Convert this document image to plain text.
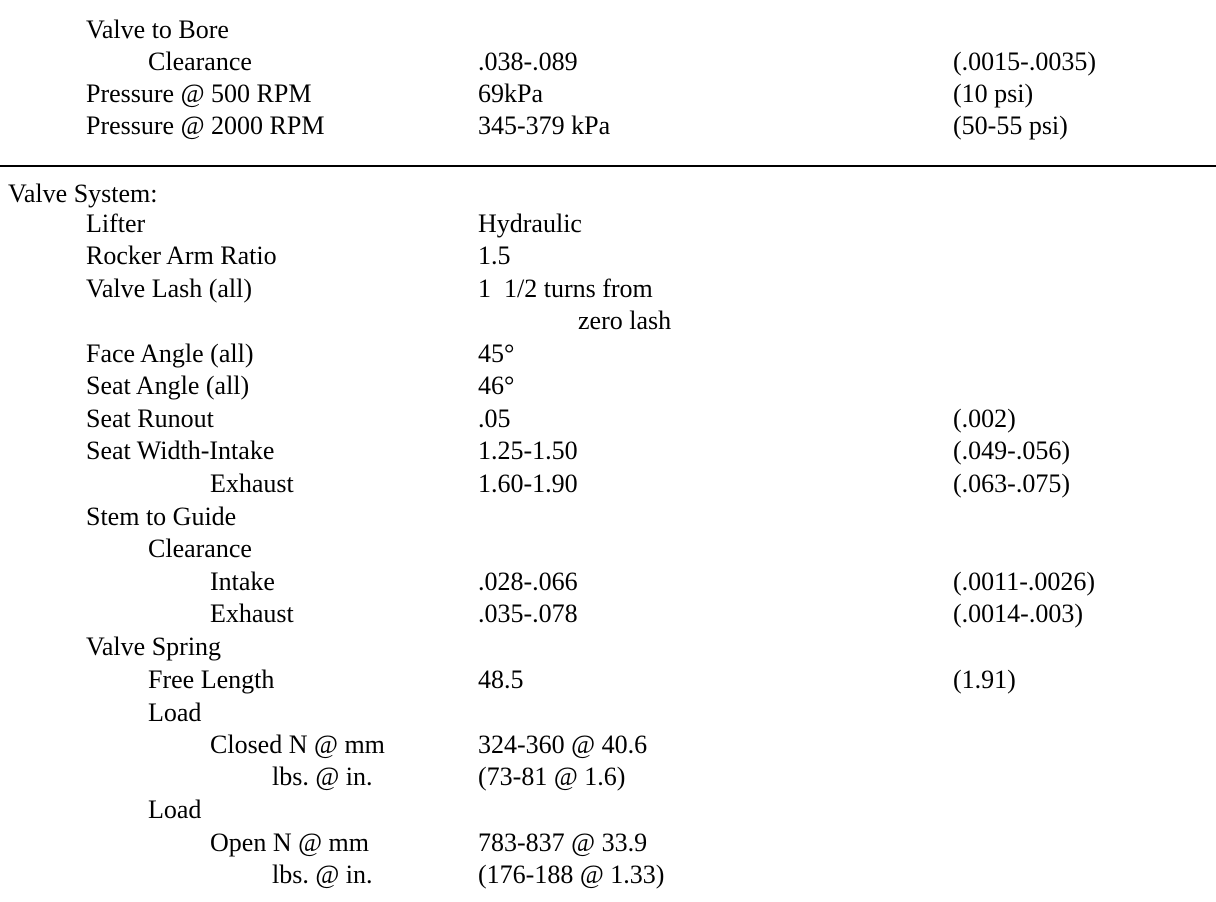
Valve to Bore
Clearance	.038-.089	(.0015-.0035)
Pressure @ 500 RPM	69kPa	(10 psi)
Pressure @ 2000 RPM	345-379 kPa	(50-55 psi)
Valve System:
Lifter	Hydraulic
Rocker Arm Ratio	1.5
Valve Lash (all)	1  1/2 turns from
zero lash
Face Angle (all)	45°
Seat Angle (all)	46°
Seat Runout	.05	(.002)
Seat Width-Intake	1.25-1.50	(.049-.056)
Exhaust	1.60-1.90	(.063-.075)
Stem to Guide
Clearance
Intake	.028-.066	(.0011-.0026)
Exhaust	.035-.078	(.0014-.003)
Valve Spring
Free Length	48.5	(1.91)
Load
Closed N @ mm	324-360 @ 40.6
lbs. @ in.	(73-81 @ 1.6)
Load
Open N @ mm	783-837 @ 33.9
lbs. @ in.	(176-188 @ 1.33)
